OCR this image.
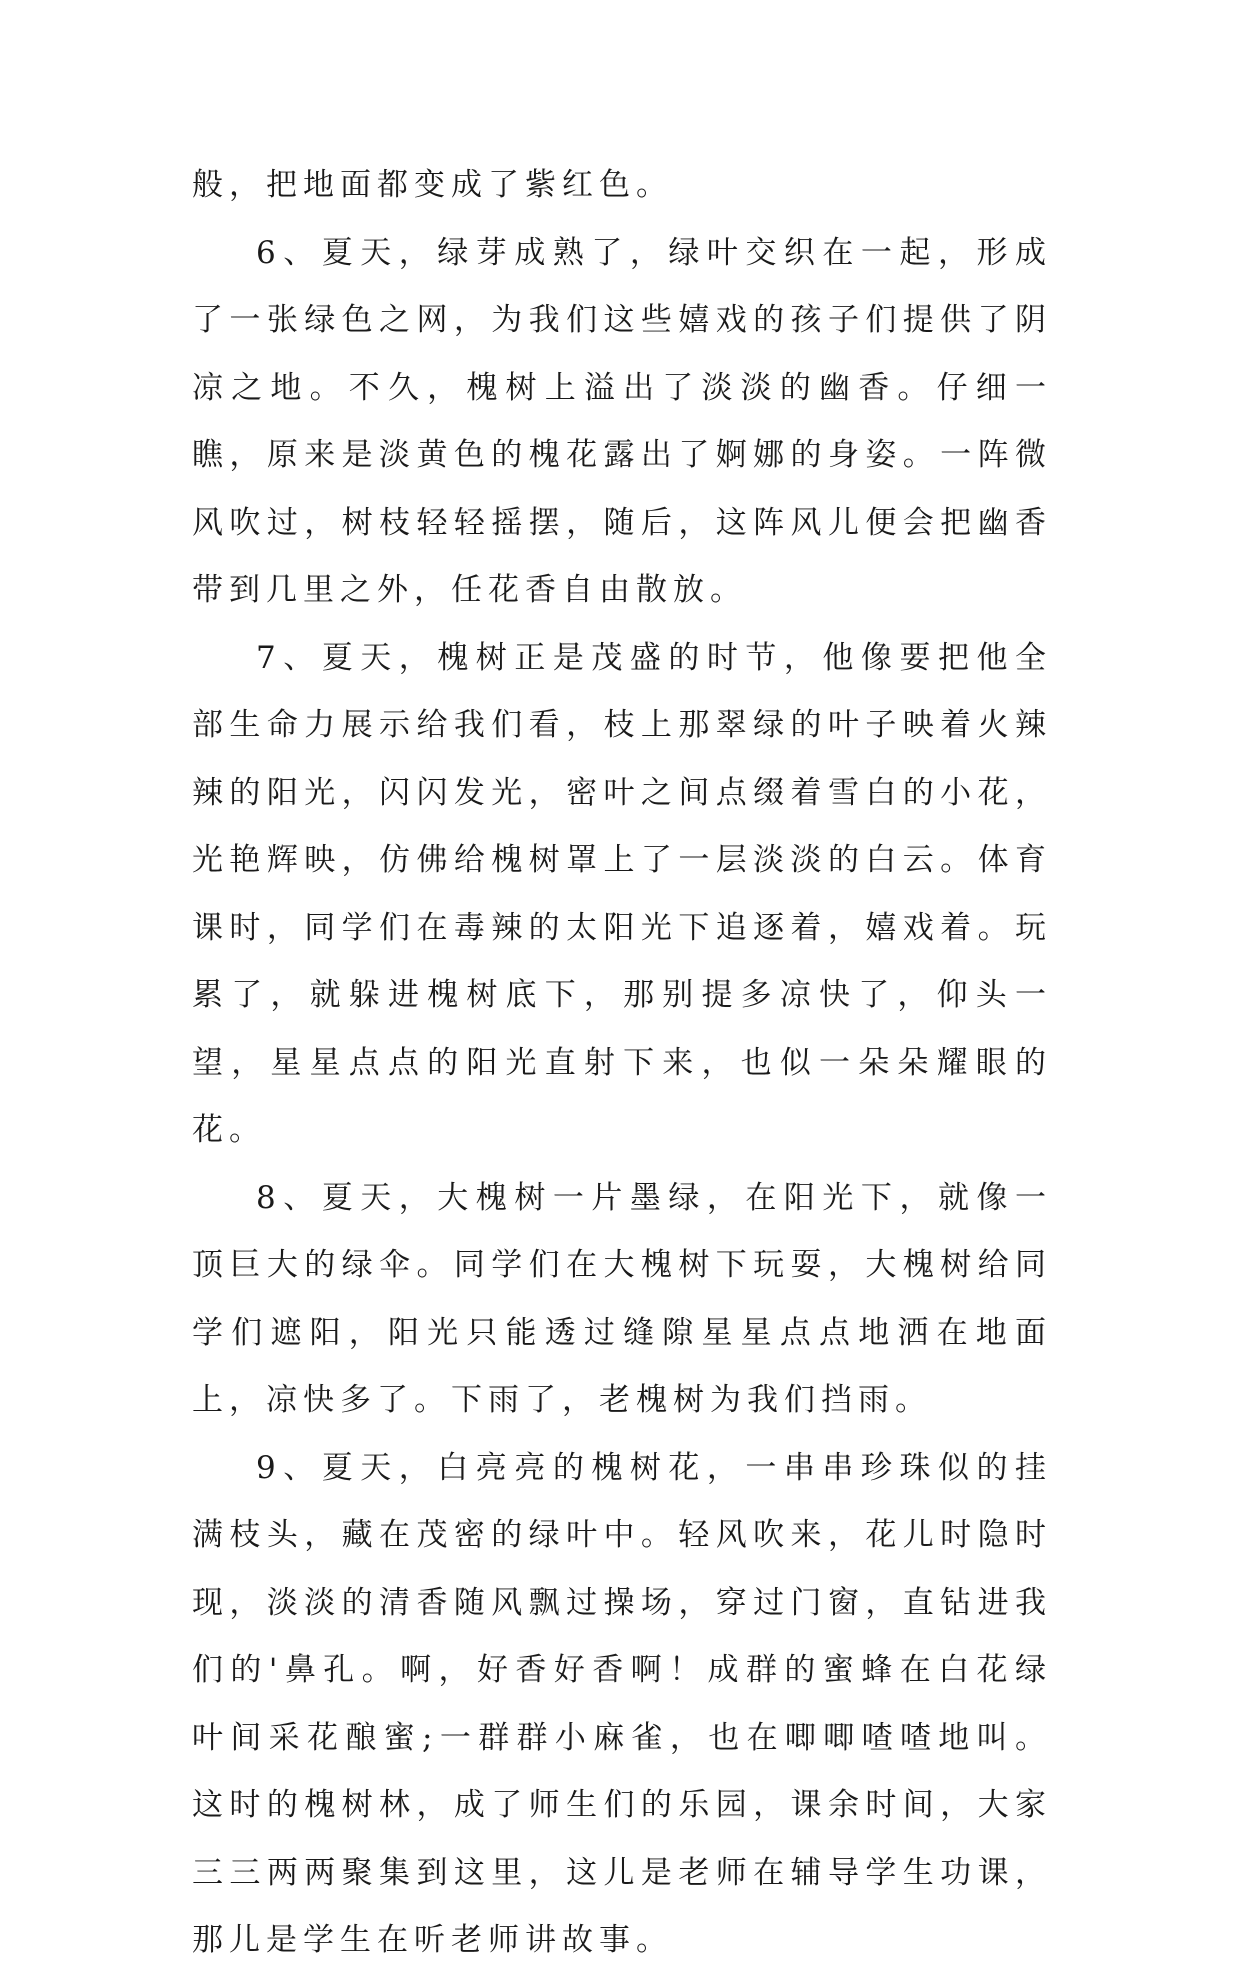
般，把地面都变成了紫红色。

6、夏天，绿芽成熟了，绿叶交织在一起，形成了一张绿色之网，为我们这些嬉戏的孩子们提供了阴凉之地。不久，槐树上溢出了淡淡的幽香。仔细一瞧，原来是淡黄色的槐花露出了婀娜的身姿。一阵微风吹过，树枝轻轻摇摆，随后，这阵风儿便会把幽香带到几里之外，任花香自由散放。

7、夏天，槐树正是茂盛的时节，他像要把他全部生命力展示给我们看，枝上那翠绿的叶子映着火辣辣的阳光，闪闪发光，密叶之间点缀着雪白的小花，光艳辉映，仿佛给槐树罩上了一层淡淡的白云。体育课时，同学们在毒辣的太阳光下追逐着，嬉戏着。玩累了，就躲进槐树底下，那别提多凉快了，仰头一望，星星点点的阳光直射下来，也似一朵朵耀眼的花。

8、夏天，大槐树一片墨绿，在阳光下，就像一顶巨大的绿伞。同学们在大槐树下玩耍，大槐树给同学们遮阳，阳光只能透过缝隙星星点点地洒在地面上，凉快多了。下雨了，老槐树为我们挡雨。

9、夏天，白亮亮的槐树花，一串串珍珠似的挂满枝头，藏在茂密的绿叶中。轻风吹来，花儿时隐时现，淡淡的清香随风飘过操场，穿过门窗，直钻进我们的'鼻孔。啊，好香好香啊！成群的蜜蜂在白花绿叶间采花酿蜜;一群群小麻雀，也在唧唧喳喳地叫。这时的槐树林，成了师生们的乐园，课余时间，大家三三两两聚集到这里，这儿是老师在辅导学生功课，那儿是学生在听老师讲故事。
